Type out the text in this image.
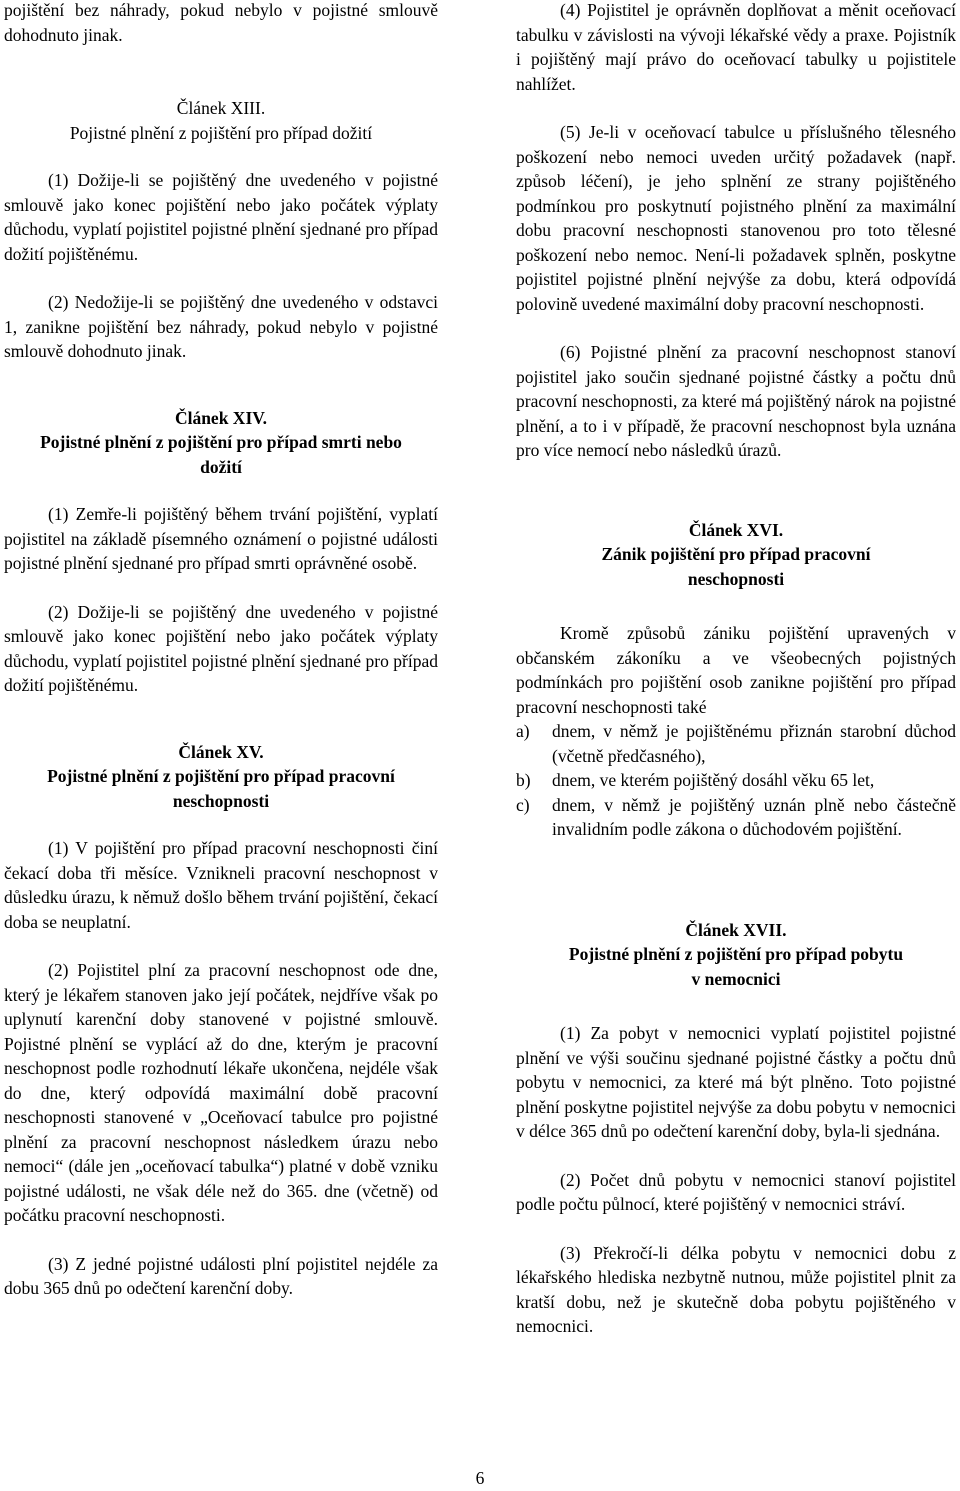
pojištění bez náhrady, pokud nebylo v pojistné smlouvě dohodnuto jinak.

Článek XIII.

Pojistné plnění z pojištění pro případ dožití

(1) Dožije-li se pojištěný dne uvedeného v pojistné smlouvě jako konec pojištění nebo jako počátek výplaty důchodu, vyplatí pojistitel pojistné plnění sjednané pro případ dožití pojištěnému.

(2) Nedožije-li se pojištěný dne uvedeného v odstavci 1, zanikne pojištění bez náhrady, pokud nebylo v pojistné smlouvě dohodnuto jinak.

Článek XIV.

Pojistné plnění z pojištění pro případ smrti nebo

dožití

(1) Zemře-li pojištěný během trvání pojištění, vyplatí pojistitel na základě písemného oznámení o pojistné události pojistné plnění sjednané pro případ smrti oprávněné osobě.

(2) Dožije-li se pojištěný dne uvedeného v pojistné smlouvě jako konec pojištění nebo jako počátek výplaty důchodu, vyplatí pojistitel pojistné plnění sjednané pro případ dožití pojištěnému.

Článek XV.

Pojistné plnění z pojištění pro případ pracovní

neschopnosti

(1) V pojištění pro případ pracovní neschopnosti činí čekací doba tři měsíce. Vznikneli pracovní neschopnost v důsledku úrazu, k němuž došlo během trvání pojištění, čekací doba se neuplatní.

(2) Pojistitel plní za pracovní neschopnost ode dne, který je lékařem stanoven jako její počátek, nejdříve však po uplynutí karenční doby stanovené v pojistné smlouvě. Pojistné plnění se vyplácí až do dne, kterým je pracovní neschopnost podle rozhodnutí lékaře ukončena, nejdéle však do dne, který odpovídá maximální době pracovní neschopnosti stanovené v „Oceňovací tabulce pro pojistné plnění za pracovní neschopnost následkem úrazu nebo nemoci“ (dále jen „oceňovací tabulka“) platné v době vzniku pojistné události, ne však déle než do 365. dne (včetně) od počátku pracovní neschopnosti.

(3) Z jedné pojistné události plní pojistitel nejdéle za dobu 365 dnů po odečtení karenční doby.

(4) Pojistitel je oprávněn doplňovat a měnit oceňovací tabulku v závislosti na vývoji lékařské vědy a praxe. Pojistník i pojištěný mají právo do oceňovací tabulky u pojistitele nahlížet.

(5) Je-li v oceňovací tabulce u příslušného tělesného poškození nebo nemoci uveden určitý požadavek (např. způsob léčení), je jeho splnění ze strany pojištěného podmínkou pro poskytnutí pojistného plnění za maximální dobu pracovní neschopnosti stanovenou pro toto tělesné poškození nebo nemoc. Není-li požadavek splněn, poskytne pojistitel pojistné plnění nejvýše za dobu, která odpovídá polovině uvedené maximální doby pracovní neschopnosti.

(6) Pojistné plnění za pracovní neschopnost stanoví pojistitel jako součin sjednané pojistné částky a počtu dnů pracovní neschopnosti, za které má pojištěný nárok na pojistné plnění, a to i v případě, že pracovní neschopnost byla uznána pro více nemocí nebo následků úrazů.

Článek XVI.

Zánik pojištění pro případ pracovní

neschopnosti

Kromě způsobů zániku pojištění upravených v občanském zákoníku a ve všeobecných pojistných podmínkách pro pojištění osob zanikne pojištění pro případ pracovní neschopnosti také

a) dnem, v němž je pojištěnému přiznán starobní důchod (včetně předčasného),
b) dnem, ve kterém pojištěný dosáhl věku 65 let,
c) dnem, v němž je pojištěný uznán plně nebo částečně invalidním podle zákona o důchodovém pojištění.

Článek XVII.

Pojistné plnění z pojištění pro případ pobytu

v nemocnici

(1) Za pobyt v nemocnici vyplatí pojistitel pojistné plnění ve výši součinu sjednané pojistné částky a počtu dnů pobytu v nemocnici, za které má být plněno. Toto pojistné plnění poskytne pojistitel nejvýše za dobu pobytu v nemocnici v délce 365 dnů po odečtení karenční doby, byla-li sjednána.

(2) Počet dnů pobytu v nemocnici stanoví pojistitel podle počtu půlnocí, které pojištěný v nemocnici stráví.

(3) Překročí-li délka pobytu v nemocnici dobu z lékařského hlediska nezbytně nutnou, může pojistitel plnit za kratší dobu, než je skutečně doba pobytu pojištěného v nemocnici.

6
